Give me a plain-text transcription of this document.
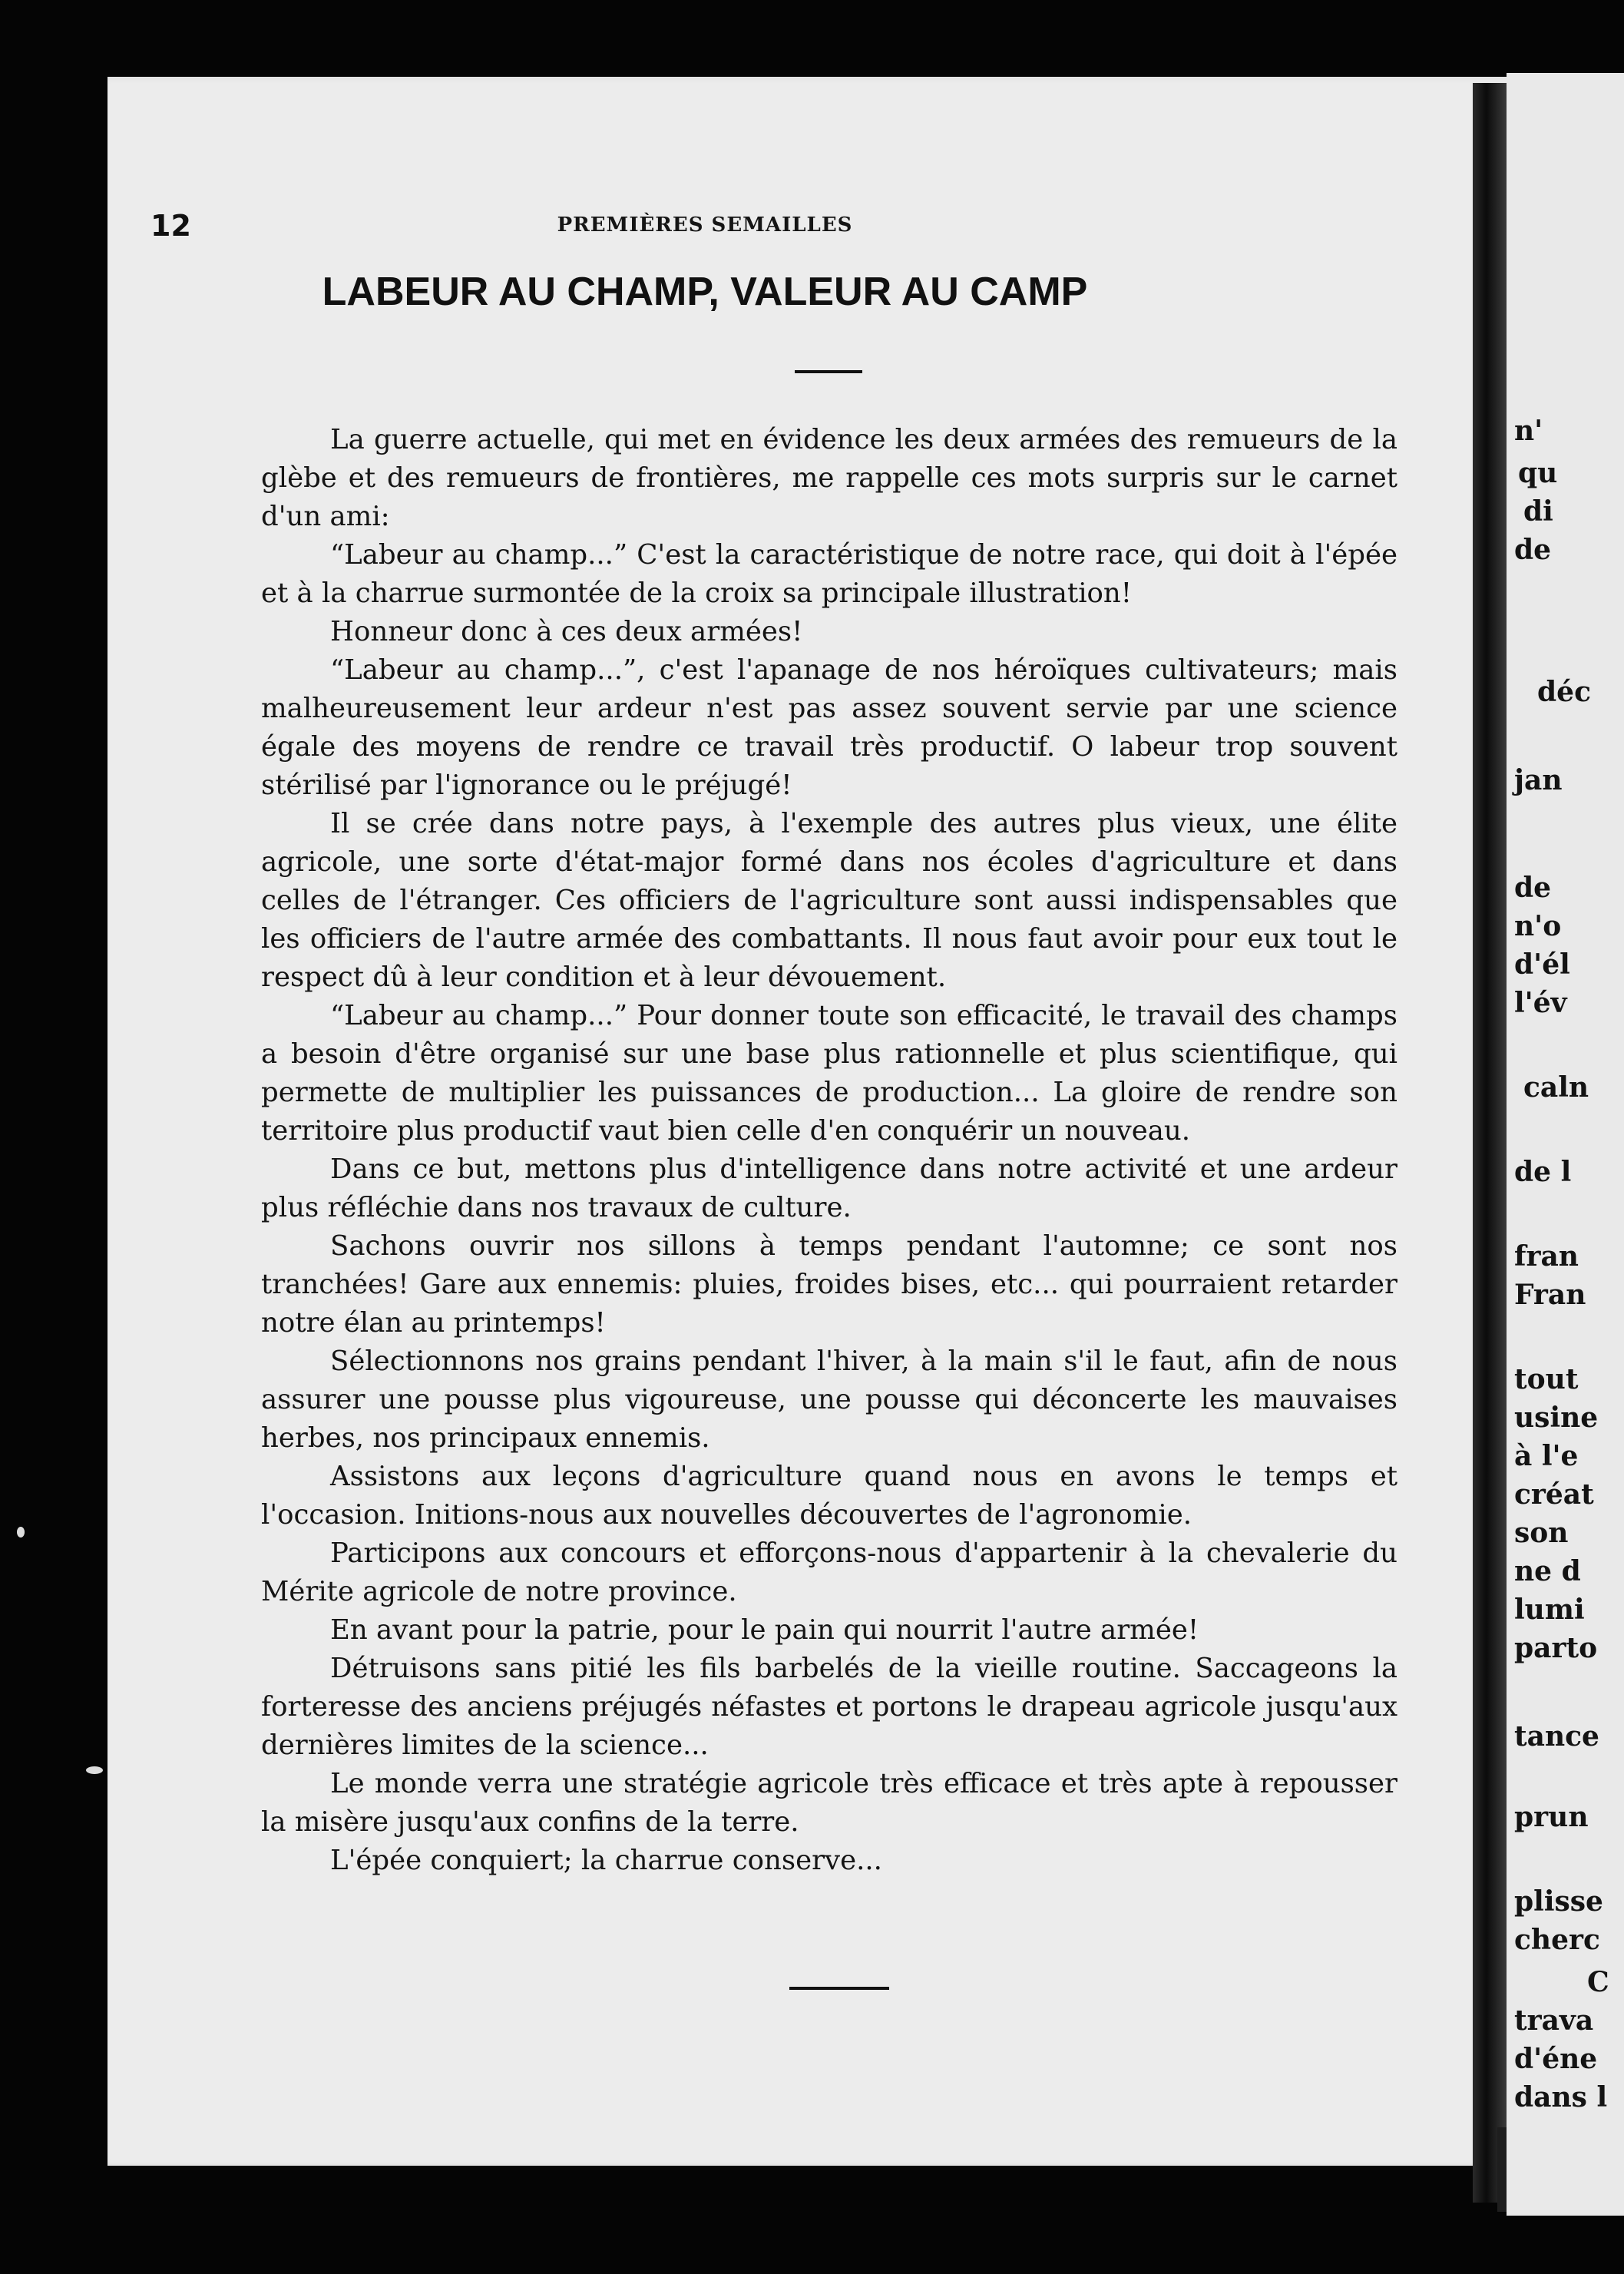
n'
qu
di
de
déc
jan
de
n'o
d'él
l'év
caln
de l
fran
Fran
tout
usine
à l'e
créat
son
ne d
lumi
parto
tance
prun
plisse
cherc
C
trava
d'éne
dans l
12	PREMIÈRES SEMAILLES
LABEUR AU CHAMP, VALEUR AU CAMP

La guerre actuelle, qui met en évidence les deux armées des remueurs de la glèbe et des remueurs de frontières, me rappelle ces mots surpris sur le carnet d'un ami:

“Labeur au champ...” C'est la caractéristique de notre race, qui doit à l'épée et à la charrue surmontée de la croix sa principale illustration!

Honneur donc à ces deux armées!

“Labeur au champ...”, c'est l'apanage de nos héroïques cultivateurs; mais malheureusement leur ardeur n'est pas assez souvent servie par une science égale des moyens de rendre ce travail très productif. O labeur trop souvent stérilisé par l'ignorance ou le préjugé!

Il se crée dans notre pays, à l'exemple des autres plus vieux, une élite agricole, une sorte d'état-major formé dans nos écoles d'agriculture et dans celles de l'étranger. Ces officiers de l'agriculture sont aussi indispensables que les officiers de l'autre armée des combattants. Il nous faut avoir pour eux tout le respect dû à leur condition et à leur dévouement.

“Labeur au champ...” Pour donner toute son efficacité, le travail des champs a besoin d'être organisé sur une base plus rationnelle et plus scientifique, qui permette de multiplier les puissances de production... La gloire de rendre son territoire plus productif vaut bien celle d'en conquérir un nouveau.

Dans ce but, mettons plus d'intelligence dans notre activité et une ardeur plus réfléchie dans nos travaux de culture.

Sachons ouvrir nos sillons à temps pendant l'automne; ce sont nos tranchées! Gare aux ennemis: pluies, froides bises, etc... qui pourraient retarder notre élan au printemps!

Sélectionnons nos grains pendant l'hiver, à la main s'il le faut, afin de nous assurer une pousse plus vigoureuse, une pousse qui déconcerte les mauvaises herbes, nos principaux ennemis.

Assistons aux leçons d'agriculture quand nous en avons le temps et l'occasion. Initions-nous aux nouvelles découvertes de l'agronomie.

Participons aux concours et efforçons-nous d'appartenir à la chevalerie du Mérite agricole de notre province.

En avant pour la patrie, pour le pain qui nourrit l'autre armée!

Détruisons sans pitié les fils barbelés de la vieille routine. Saccageons la forteresse des anciens préjugés néfastes et portons le drapeau agricole jusqu'aux dernières limites de la science...

Le monde verra une stratégie agricole très efficace et très apte à repousser la misère jusqu'aux confins de la terre.

L'épée conquiert; la charrue conserve...
